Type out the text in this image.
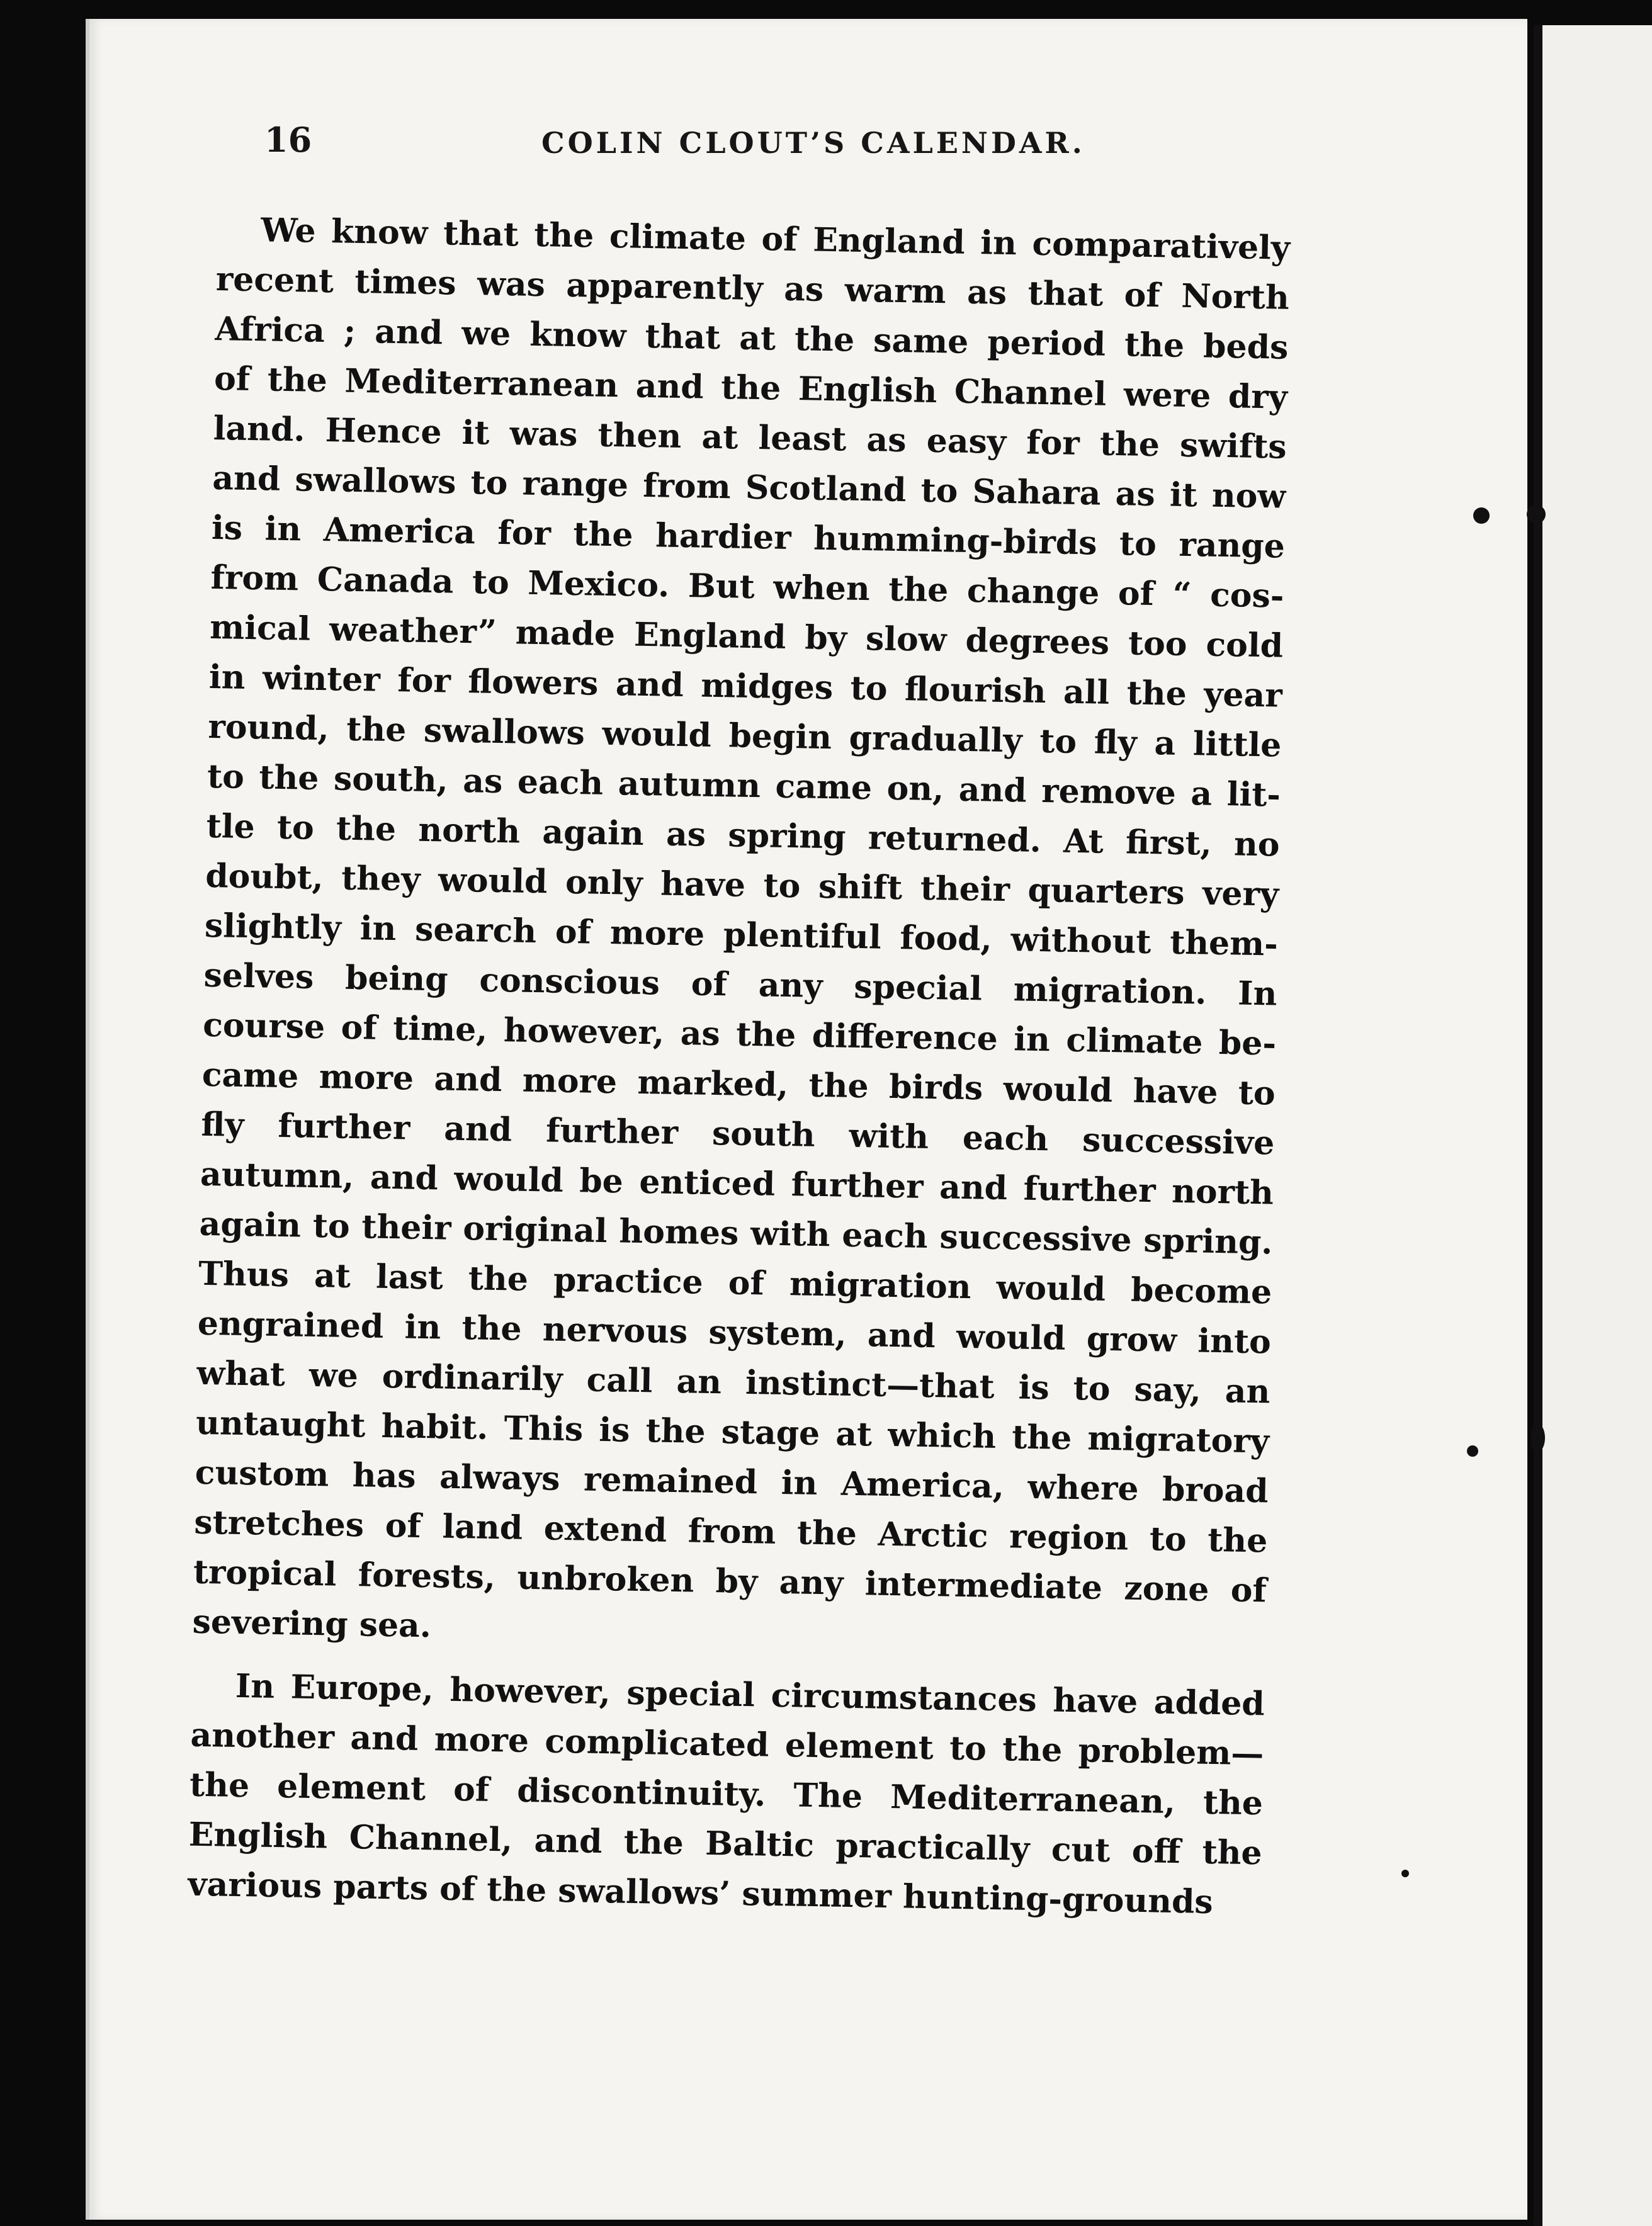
16	COLIN CLOUT’S CALENDAR.
We know that the climate of England in comparatively
recent times was apparently as warm as that of North
Africa ; and we know that at the same period the beds
of the Mediterranean and the English Channel were dry
land. Hence it was then at least as easy for the swifts
and swallows to range from Scotland to Sahara as it now
is in America for the hardier humming-birds to range
from Canada to Mexico. But when the change of “ cos-
mical weather” made England by slow degrees too cold
in winter for flowers and midges to flourish all the year
round, the swallows would begin gradually to fly a little
to the south, as each autumn came on, and remove a lit-
tle to the north again as spring returned. At first, no
doubt, they would only have to shift their quarters very
slightly in search of more plentiful food, without them-
selves being conscious of any special migration. In
course of time, however, as the difference in climate be-
came more and more marked, the birds would have to
fly further and further south with each successive
autumn, and would be enticed further and further north
again to their original homes with each successive spring.
Thus at last the practice of migration would become
engrained in the nervous system, and would grow into
what we ordinarily call an instinct—that is to say, an
untaught habit. This is the stage at which the migratory
custom has always remained in America, where broad
stretches of land extend from the Arctic region to the
tropical forests, unbroken by any intermediate zone of
severing sea.
In Europe, however, special circumstances have added
another and more complicated element to the problem—
the element of discontinuity. The Mediterranean, the
English Channel, and the Baltic practically cut off the
various parts of the swallows’ summer hunting-grounds
